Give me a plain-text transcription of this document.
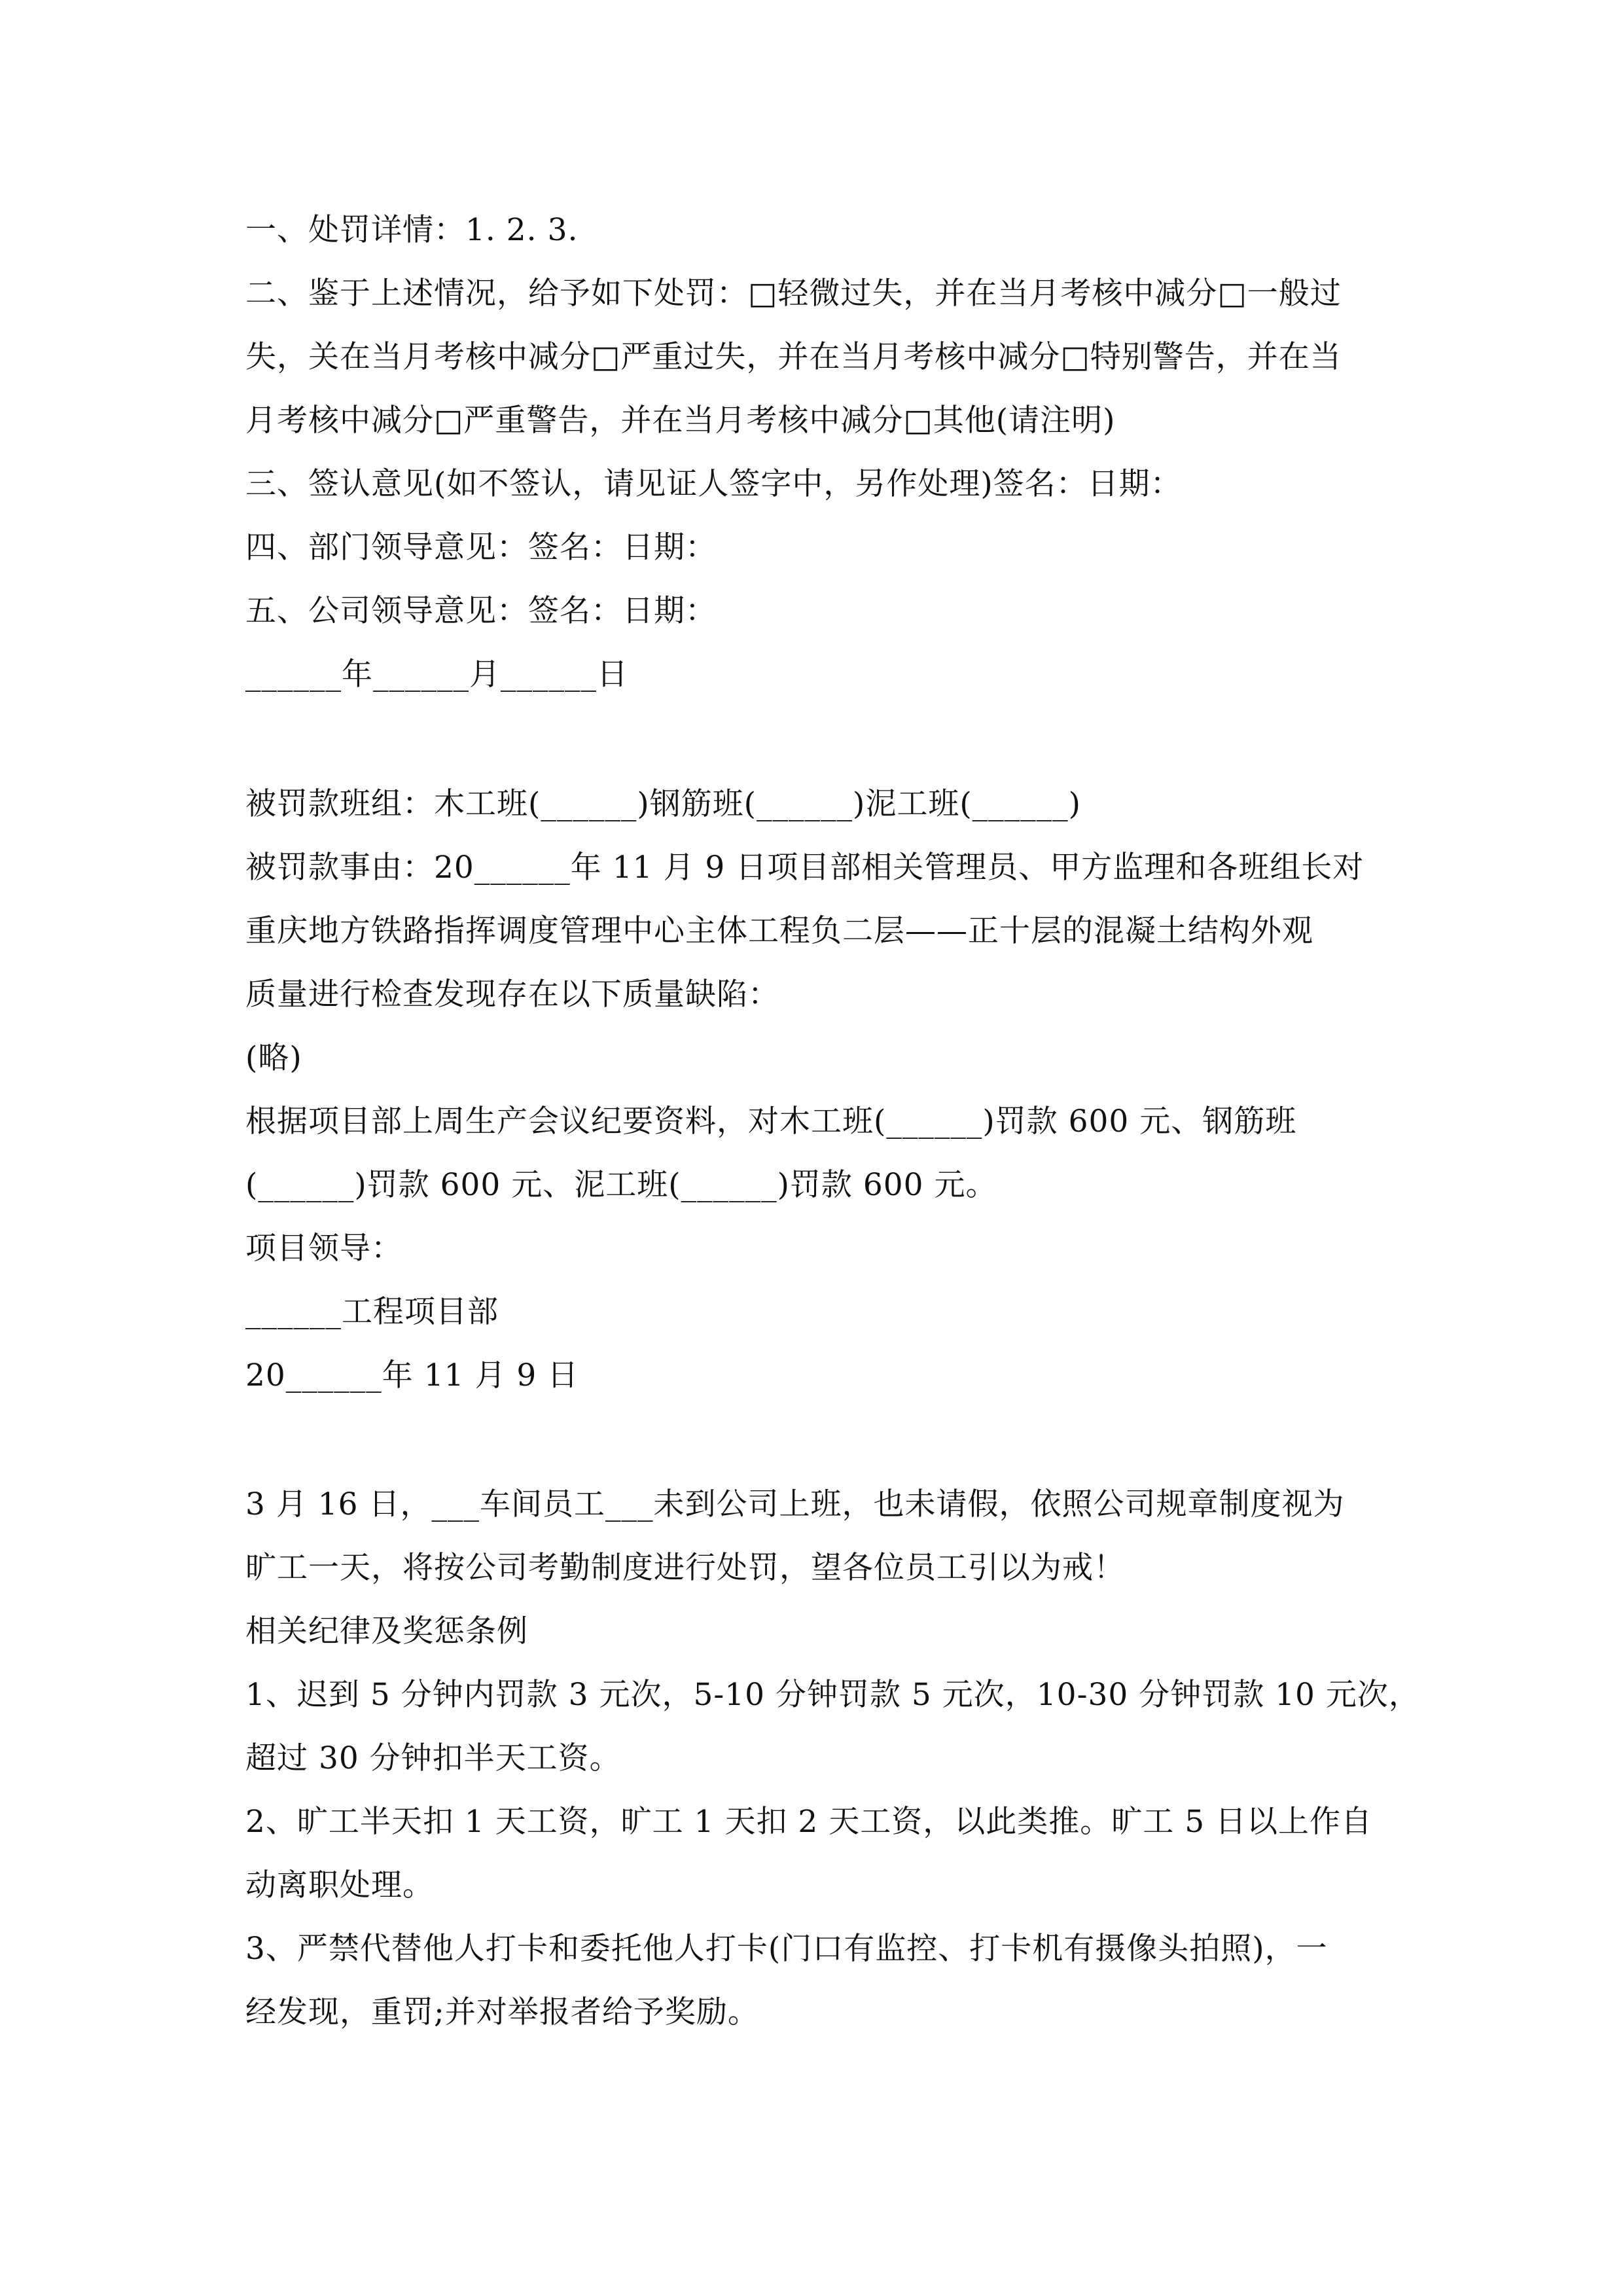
一、处罚详情：1. 2. 3.
二、鉴于上述情况，给予如下处罚：□轻微过失，并在当月考核中减分□一般过
失，关在当月考核中减分□严重过失，并在当月考核中减分□特别警告，并在当
月考核中减分□严重警告，并在当月考核中减分□其他(请注明)
三、签认意见(如不签认，请见证人签字中，另作处理)签名：日期：
四、部门领导意见：签名：日期：
五、公司领导意见：签名：日期：
______年______月______日
被罚款班组：木工班(______)钢筋班(______)泥工班(______)
被罚款事由：20______年 11 月 9 日项目部相关管理员、甲方监理和各班组长对
重庆地方铁路指挥调度管理中心主体工程负二层——正十层的混凝土结构外观
质量进行检查发现存在以下质量缺陷：
(略)
根据项目部上周生产会议纪要资料，对木工班(______)罚款 600 元、钢筋班
(______)罚款 600 元、泥工班(______)罚款 600 元。
项目领导：
______工程项目部
20______年 11 月 9 日
3 月 16 日，___车间员工___未到公司上班，也未请假，依照公司规章制度视为
旷工一天，将按公司考勤制度进行处罚，望各位员工引以为戒！
相关纪律及奖惩条例
1、迟到 5 分钟内罚款 3 元次，5-10 分钟罚款 5 元次，10-30 分钟罚款 10 元次，
超过 30 分钟扣半天工资。
2、旷工半天扣 1 天工资，旷工 1 天扣 2 天工资，以此类推。旷工 5 日以上作自
动离职处理。
3、严禁代替他人打卡和委托他人打卡(门口有监控、打卡机有摄像头拍照)，一
经发现，重罚;并对举报者给予奖励。
